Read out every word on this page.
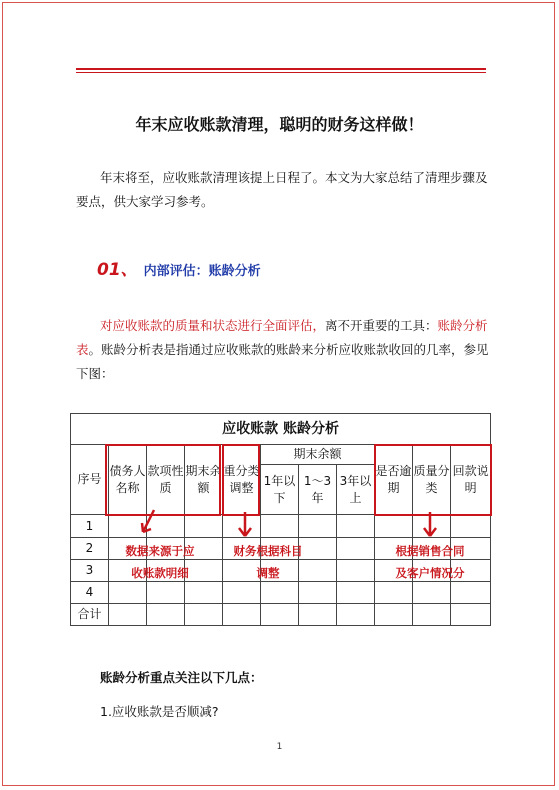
年末应收账款清理，聪明的财务这样做！
年末将至，应收账款清理该提上日程了。本文为大家总结了清理步骤及要点，供大家学习参考。
01、 内部评估：账龄分析
对应收账款的质量和状态进行全面评估，离不开重要的工具：账龄分析表。账龄分析表是指通过应收账款的账龄来分析应收账款收回的几率，参见下图：
应收账款 账龄分析										
序号	债务人名称	款项性质	期末余额	重分类调整	期末余额			是否逾期	质量分类	回款说明
					1年以下	1～3年	3年以上			
1										
2										
3										
4										
合计										
数据来源于应
收账款明细
财务根据科目
调整
根据销售合同
及客户情况分
账龄分析重点关注以下几点：
1.应收账款是否顺减?
1
